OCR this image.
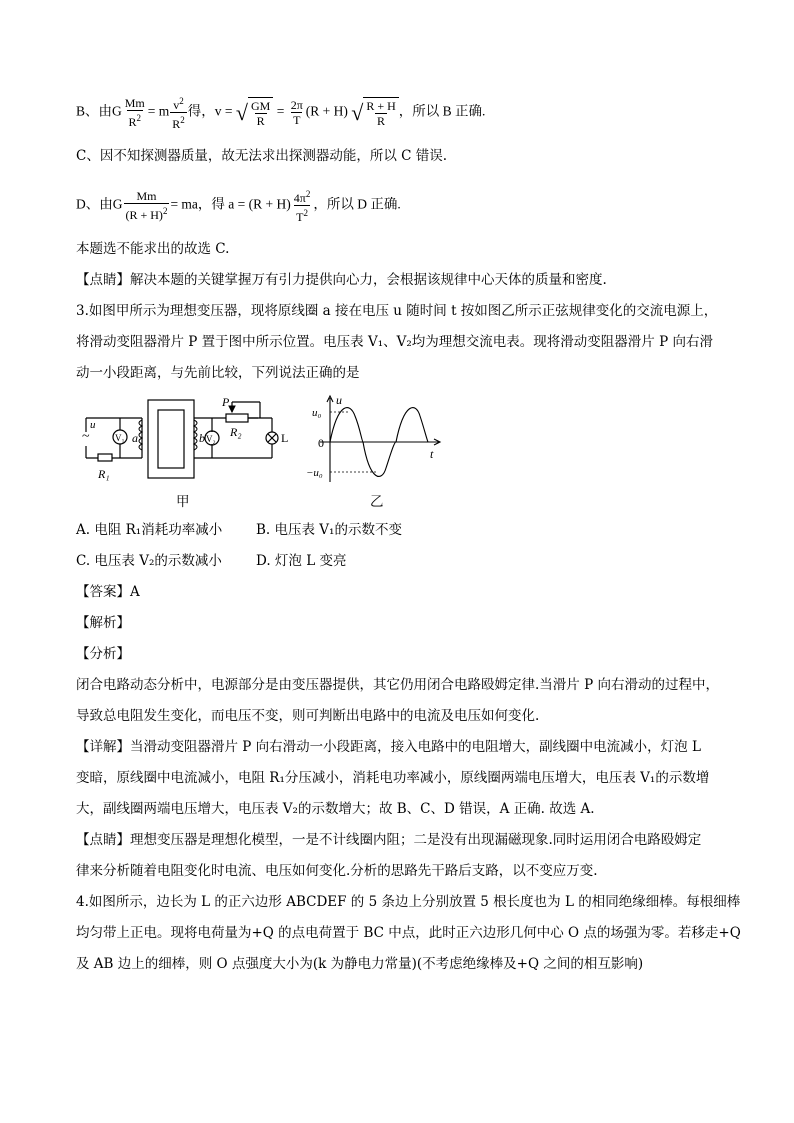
B、由G $\frac{Mm}{R^2} = m \frac{v^2}{R^2}$ 得，v = √ $\frac{GM}{R} = \frac{2\pi}{T} (R + H)$ √ $\frac{R + H}{R}$ ，所以 B 正确.
C、因不知探测器质量，故无法求出探测器动能，所以 C 错误.
D、由G $\frac{Mm}{(R + H)^2}$ = ma，得 $a = (R + H) \frac{4\pi^2}{T^2}$ ，所以 D 正确.
本题选不能求出的故选 C.
【点睛】解决本题的关键掌握万有引力提供向心力，会根据该规律中心天体的质量和密度.
3.如图甲所示为理想变压器，现将原线圈 a 接在电压 u 随时间 t 按如图乙所示正弦规律变化的交流电源上，
将滑动变阻器滑片 P 置于图中所示位置。电压表 V₁、V₂均为理想交流电表。现将滑动变阻器滑片 P 向右滑
动一小段距离，与先前比较，下列说法正确的是
~
u
V₁ a	b V₂
P
R₂	L
R₁
甲
u
u₀
0
−u₀
t
乙
A. 电阻 R₁消耗功率减小	B. 电压表 V₁的示数不变
C. 电压表 V₂的示数减小	D. 灯泡 L 变亮
【答案】A
【解析】
【分析】
闭合电路动态分析中，电源部分是由变压器提供，其它仍用闭合电路殴姆定律.当滑片 P 向右滑动的过程中，
导致总电阻发生变化，而电压不变，则可判断出电路中的电流及电压如何变化.
【详解】当滑动变阻器滑片 P 向右滑动一小段距离，接入电路中的电阻增大，副线圈中电流减小，灯泡 L
变暗，原线圈中电流减小，电阻 R₁分压减小，消耗电功率减小，原线圈两端电压增大，电压表 V₁的示数增
大，副线圈两端电压增大，电压表 V₂的示数增大；故 B、C、D 错误，A 正确. 故选 A.
【点睛】理想变压器是理想化模型，一是不计线圈内阻；二是没有出现漏磁现象.同时运用闭合电路殴姆定
律来分析随着电阻变化时电流、电压如何变化.分析的思路先干路后支路，以不变应万变.
4.如图所示，边长为 L 的正六边形 ABCDEF 的 5 条边上分别放置 5 根长度也为 L 的相同绝缘细棒。每根细棒
均匀带上正电。现将电荷量为+Q 的点电荷置于 BC 中点，此时正六边形几何中心 O 点的场强为零。若移走+Q
及 AB 边上的细棒，则 O 点强度大小为(k 为静电力常量)(不考虑绝缘棒及+Q 之间的相互影响)
